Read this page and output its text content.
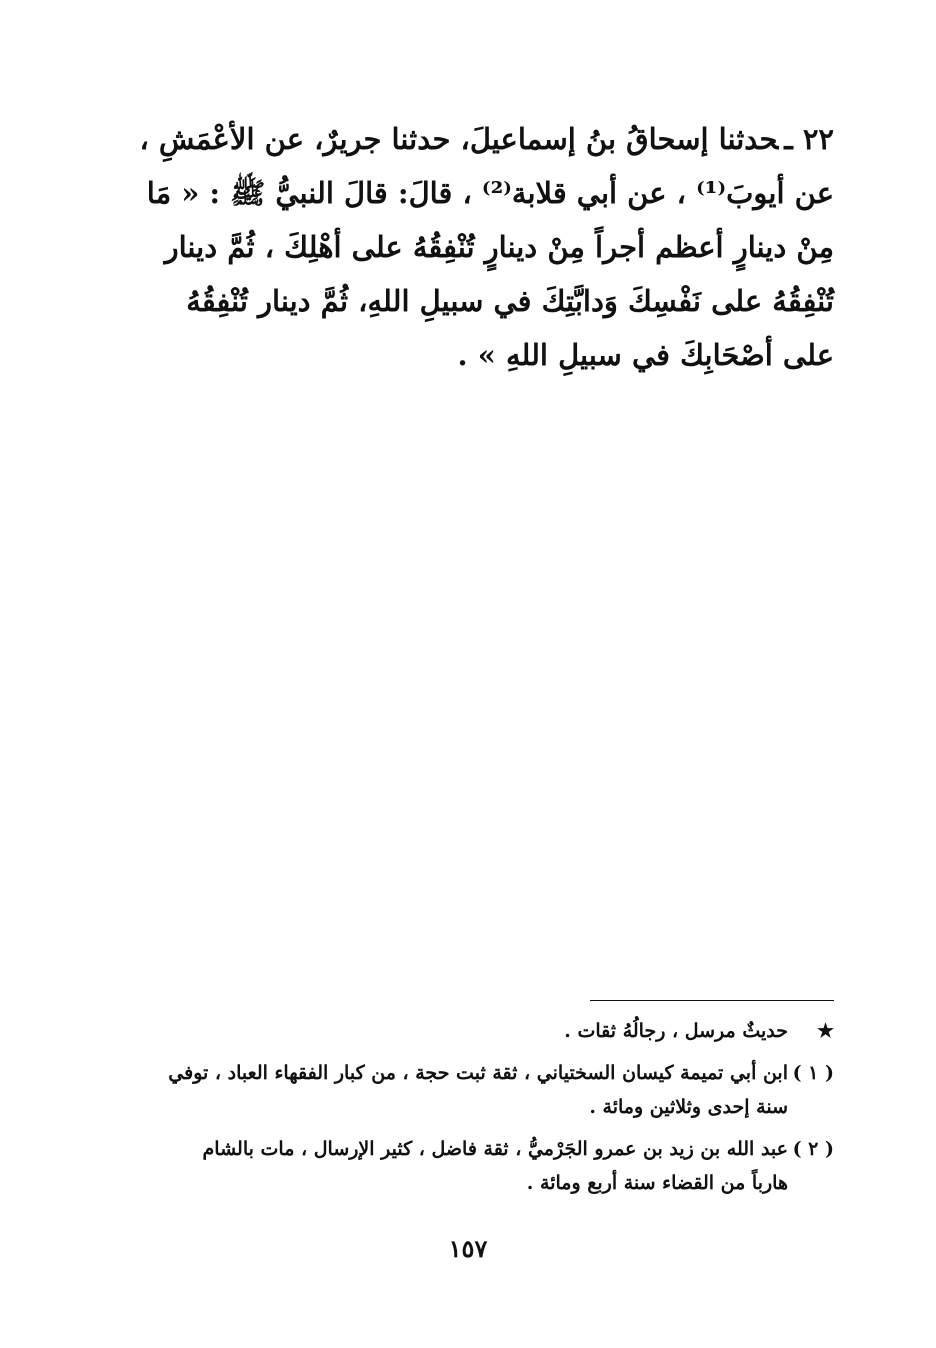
٢٢ ـحدثنا إسحاقُ بنُ إسماعيلَ، حدثنا جريرٌ، عن الأعْمَشِ ،
عن أيوبَ⁽¹⁾ ، عن أبي قلابة⁽²⁾ ، قالَ: قالَ النبيُّ ﷺ : « مَا
مِنْ دينارٍ أعظم أجراً مِنْ دينارٍ تُنْفِقُهُ على أهْلِكَ ، ثُمَّ دينار
تُنْفِقُهُ على نَفْسِكَ وَدابَّتِكَ في سبيلِ اللهِ، ثُمَّ دينار تُنْفِقُهُ
على أصْحَابِكَ في سبيلِ اللهِ » .
★
حديثٌ مرسل ، رجالُهُ ثقات .
( ١ )
ابن أبي تميمة كيسان السختياني ، ثقة ثبت حجة ، من كبار الفقهاء العباد ، توفي
سنة إحدى وثلاثين ومائة .
( ٢ )
عبد الله بن زيد بن عمرو الجَرْميُّ ، ثقة فاضل ، كثير الإرسال ، مات بالشام
هارباً من القضاء سنة أربع ومائة .
١٥٧
